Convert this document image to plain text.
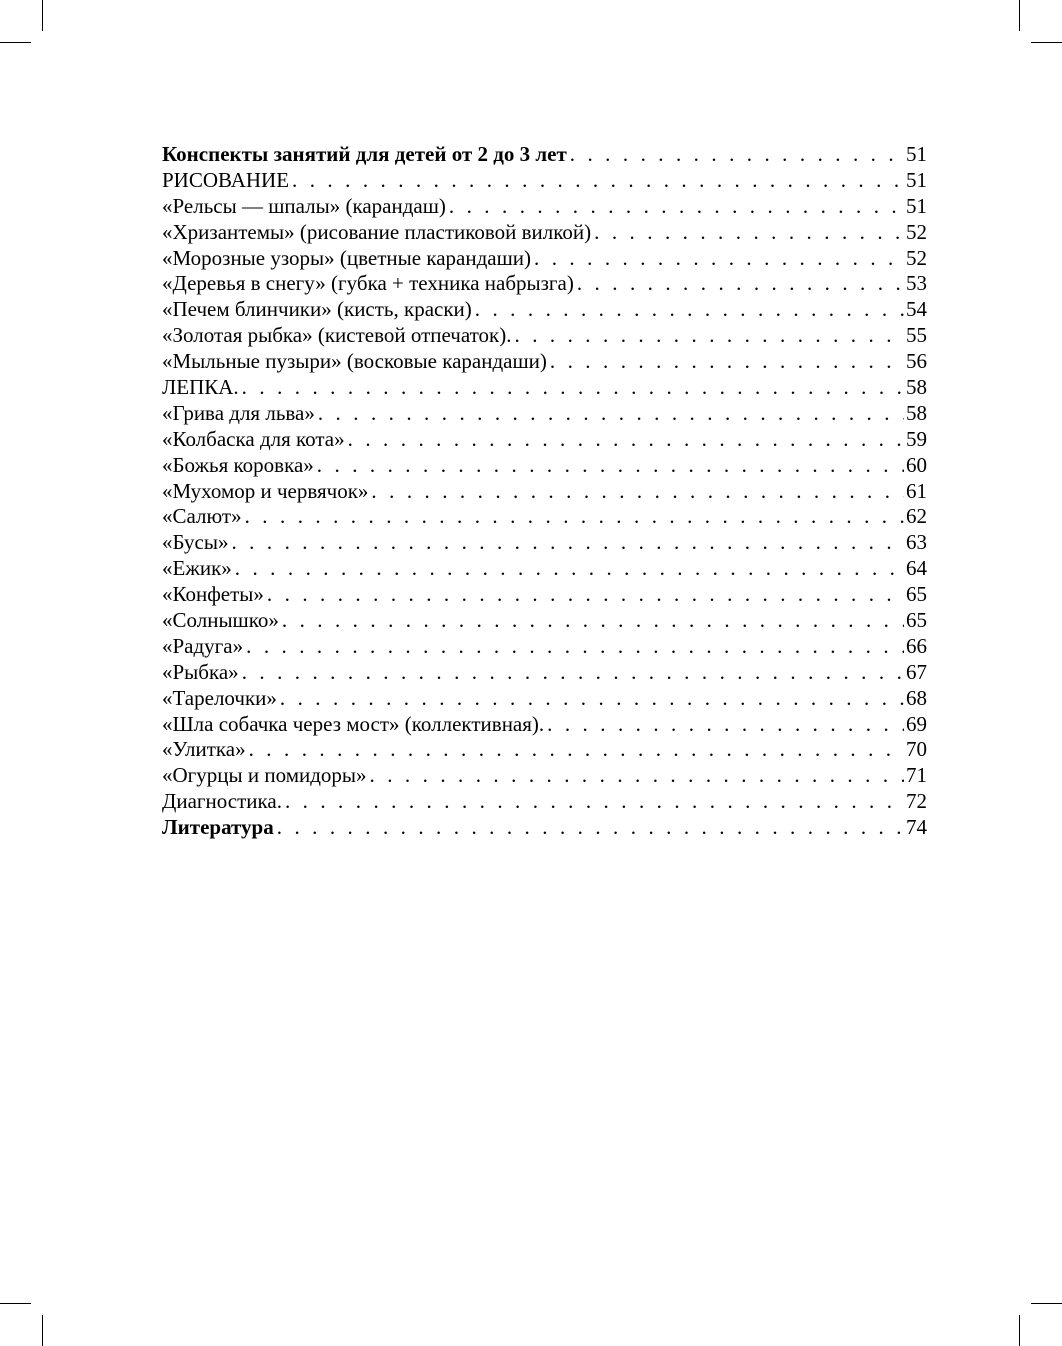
Конспекты занятий для детей от 2 до 3 лет . . .	51
РИСОВАНИЕ . . .	51
«Рельсы — шпалы» (карандаш) . . .	51
«Хризантемы» (рисование пластиковой вилкой) . . .	52
«Морозные узоры» (цветные карандаши) . . .	52
«Деревья в снегу» (губка + техника набрызга) . . .	53
«Печем блинчики» (кисть, краски) . . .	54
«Золотая рыбка» (кистевой отпечаток). . . .	55
«Мыльные пузыри» (восковые карандаши) . . .	56
ЛЕПКА. . . .	58
«Грива для льва» . . .	58
«Колбаска для кота» . . .	59
«Божья коровка» . . .	60
«Мухомор и червячок» . . .	61
«Салют» . . .	62
«Бусы» . . .	63
«Ежик» . . .	64
«Конфеты» . . .	65
«Солнышко» . . .	65
«Радуга» . . .	66
«Рыбка» . . .	67
«Тарелочки» . . .	68
«Шла собачка через мост» (коллективная). . . .	69
«Улитка» . . .	70
«Огурцы и помидоры» . . .	71
Диагностика. . . .	72
Литература . . .	74
